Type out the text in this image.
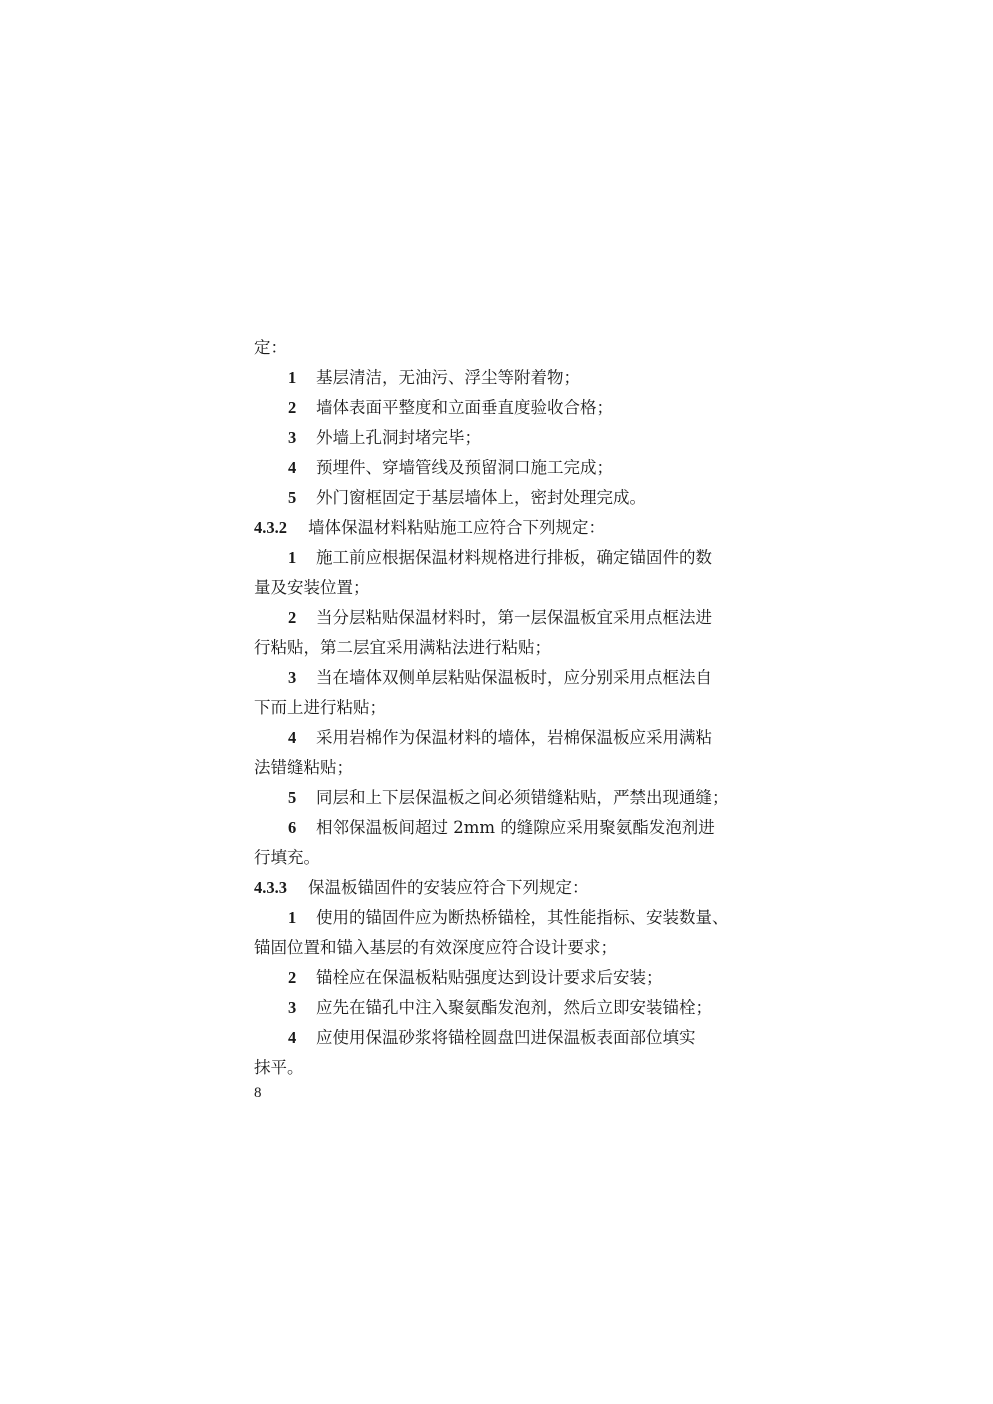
定：

1

基层清洁，无油污、浮尘等附着物；

2

墙体表面平整度和立面垂直度验收合格；

3

外墙上孔洞封堵完毕；

4

预埋件、穿墙管线及预留洞口施工完成；

5

外门窗框固定于基层墙体上，密封处理完成。

4.3.2

墙体保温材料粘贴施工应符合下列规定：

1

施工前应根据保温材料规格进行排板，确定锚固件的数

量及安装位置；

2

当分层粘贴保温材料时，第一层保温板宜采用点框法进

行粘贴，第二层宜采用满粘法进行粘贴；

3

当在墙体双侧单层粘贴保温板时，应分别采用点框法自

下而上进行粘贴；

4

采用岩棉作为保温材料的墙体，岩棉保温板应采用满粘

法错缝粘贴；

5

同层和上下层保温板之间必须错缝粘贴，严禁出现通缝；

6

相邻保温板间超过 2mm 的缝隙应采用聚氨酯发泡剂进

行填充。

4.3.3

保温板锚固件的安装应符合下列规定：

1

使用的锚固件应为断热桥锚栓，其性能指标、安装数量、

锚固位置和锚入基层的有效深度应符合设计要求；

2

锚栓应在保温板粘贴强度达到设计要求后安装；

3

应先在锚孔中注入聚氨酯发泡剂，然后立即安装锚栓；

4

应使用保温砂浆将锚栓圆盘凹进保温板表面部位填实

抹平。

8
